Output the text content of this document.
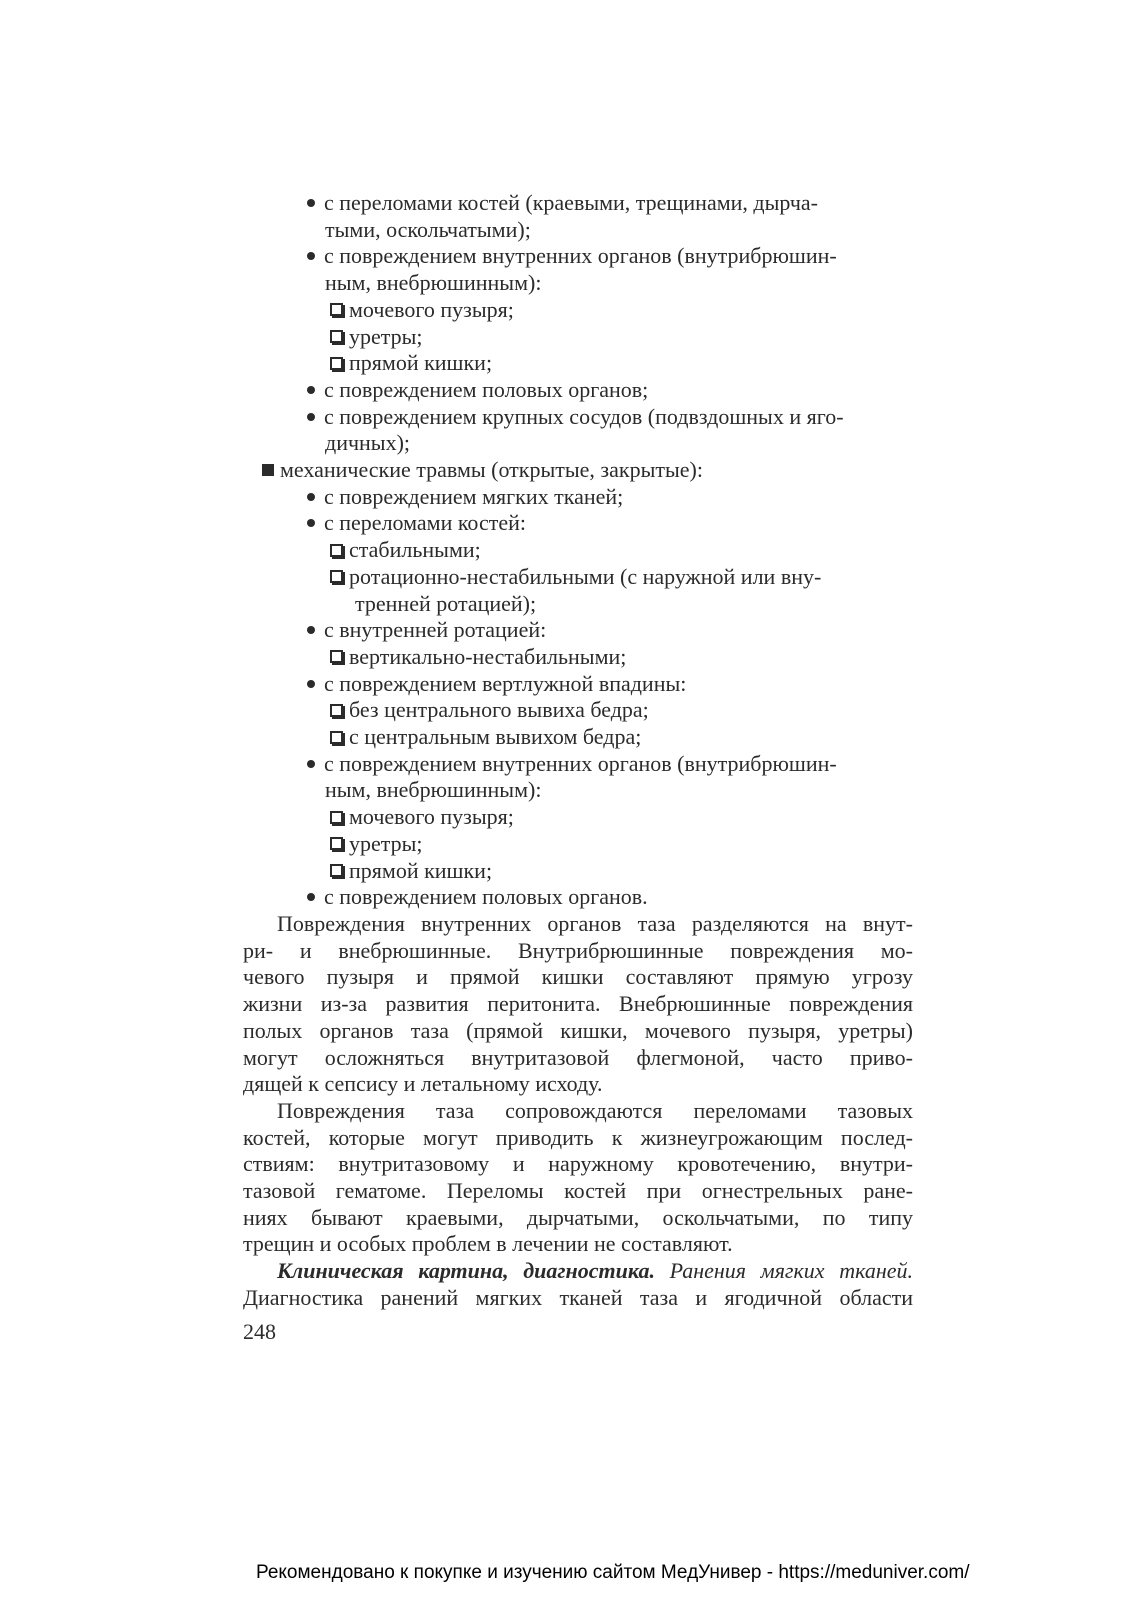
с переломами костей (краевыми, трещинами, дырча-
тыми, оскольчатыми);
с повреждением внутренних органов (внутрибрюшин-
ным, внебрюшинным):
мочевого пузыря;
уретры;
прямой кишки;
с повреждением половых органов;
с повреждением крупных сосудов (подвздошных и яго-
дичных);
механические травмы (открытые, закрытые):
с повреждением мягких тканей;
с переломами костей:
стабильными;
ротационно-нестабильными (с наружной или вну-
тренней ротацией);
с внутренней ротацией:
вертикально-нестабильными;
с повреждением вертлужной впадины:
без центрального вывиха бедра;
с центральным вывихом бедра;
с повреждением внутренних органов (внутрибрюшин-
ным, внебрюшинным):
мочевого пузыря;
уретры;
прямой кишки;
с повреждением половых органов.
Повреждения внутренних органов таза разделяются на внут-
ри- и внебрюшинные. Внутрибрюшинные повреждения мо-
чевого пузыря и прямой кишки составляют прямую угрозу
жизни из-за развития перитонита. Внебрюшинные повреждения
полых органов таза (прямой кишки, мочевого пузыря, уретры)
могут осложняться внутритазовой флегмоной, часто приво-
дящей к сепсису и летальному исходу.
Повреждения таза сопровождаются переломами тазовых
костей, которые могут приводить к жизнеугрожающим послед-
ствиям: внутритазовому и наружному кровотечению, внутри-
тазовой гематоме. Переломы костей при огнестрельных ране-
ниях бывают краевыми, дырчатыми, оскольчатыми, по типу
трещин и особых проблем в лечении не составляют.
Клиническая картина, диагностика. Ранения мягких тканей.
Диагностика ранений мягких тканей таза и ягодичной области
248
Рекомендовано к покупке и изучению сайтом МедУнивер - https://meduniver.com/
